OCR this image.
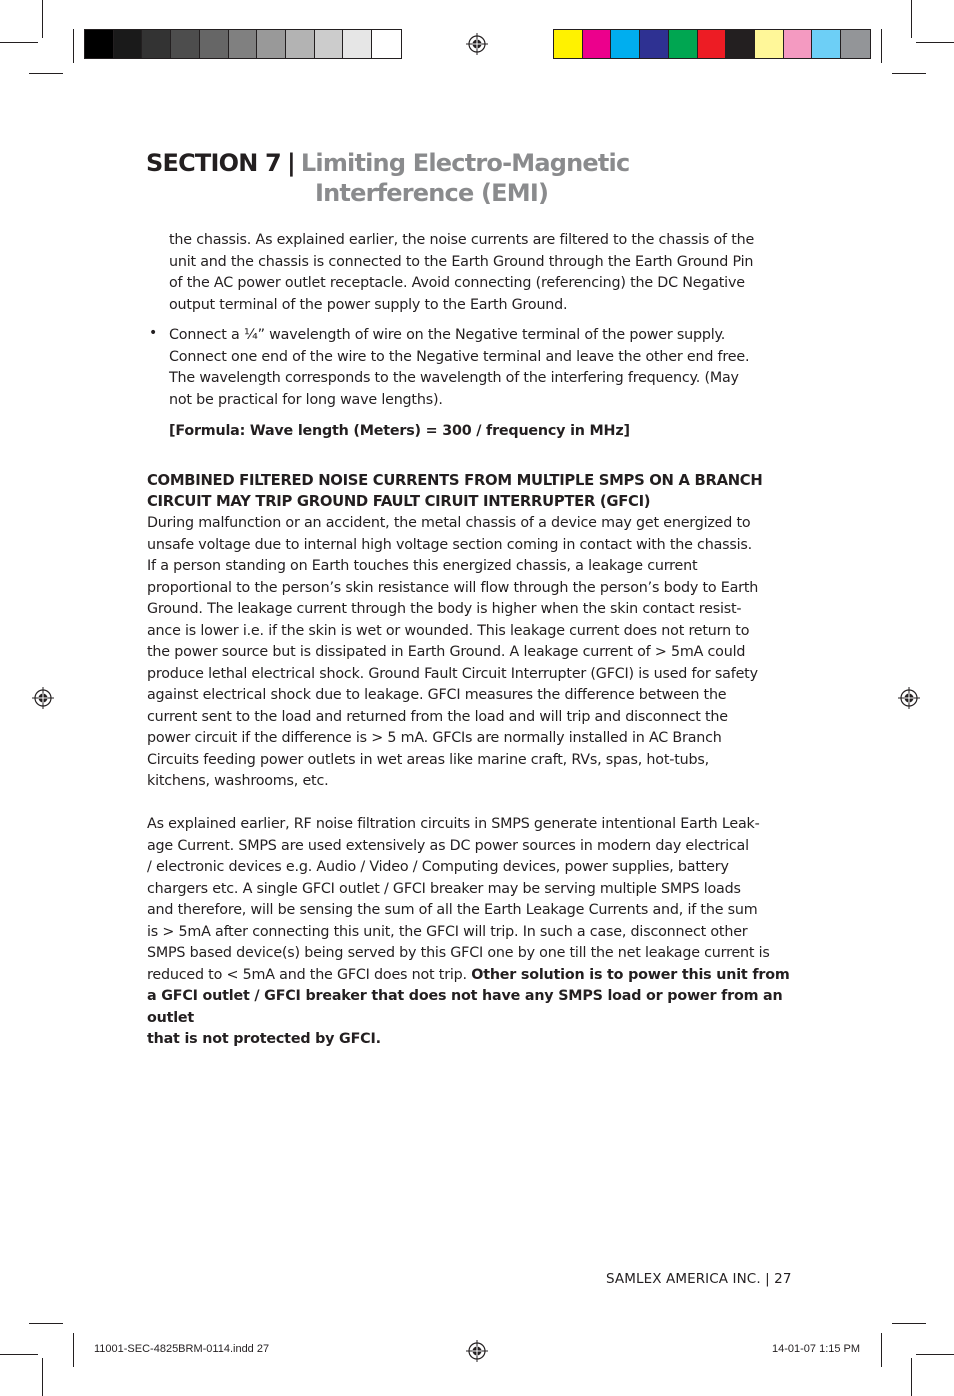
SECTION 7 | Limiting Electro-Magnetic
Interference (EMI)

the chassis. As explained earlier, the noise currents are filtered to the chassis of the

unit and the chassis is connected to the Earth Ground through the Earth Ground Pin

of the AC power outlet receptacle. Avoid connecting (referencing) the DC Negative

output terminal of the power supply to the Earth Ground.

• Connect a ¼” wavelength of wire on the Negative terminal of the power supply.

Connect one end of the wire to the Negative terminal and leave the other end free.

The wavelength corresponds to the wavelength of the interfering frequency. (May

not be practical for long wave lengths).

[Formula: Wave length (Meters) = 300 / frequency in MHz]

COMBINED FILTERED NOISE CURRENTS FROM MULTIPLE SMPS ON A BRANCH

CIRCUIT MAY TRIP GROUND FAULT CIRUIT INTERRUPTER (GFCI)

During malfunction or an accident, the metal chassis of a device may get energized to

unsafe voltage due to internal high voltage section coming in contact with the chassis.

If a person standing on Earth touches this energized chassis, a leakage current

proportional to the person’s skin resistance will flow through the person’s body to Earth

Ground. The leakage current through the body is higher when the skin contact resist-

ance is lower i.e. if the skin is wet or wounded. This leakage current does not return to

the power source but is dissipated in Earth Ground. A leakage current of > 5mA could

produce lethal electrical shock. Ground Fault Circuit Interrupter (GFCI) is used for safety

against electrical shock due to leakage. GFCI measures the difference between the

current sent to the load and returned from the load and will trip and disconnect the

power circuit if the difference is > 5 mA. GFCIs are normally installed in AC Branch

Circuits feeding power outlets in wet areas like marine craft, RVs, spas, hot-tubs,

kitchens, washrooms, etc.

As explained earlier, RF noise filtration circuits in SMPS generate intentional Earth Leak-

age Current. SMPS are used extensively as DC power sources in modern day electrical

/ electronic devices e.g. Audio / Video / Computing devices, power supplies, battery

chargers etc. A single GFCI outlet / GFCI breaker may be serving multiple SMPS loads

and therefore, will be sensing the sum of all the Earth Leakage Currents and, if the sum

is > 5mA after connecting this unit, the GFCI will trip. In such a case, disconnect other

SMPS based device(s) being served by this GFCI one by one till the net leakage current is

reduced to < 5mA and the GFCI does not trip. Other solution is to power this unit from

a GFCI outlet / GFCI breaker that does not have any SMPS load or power from an outlet

that is not protected by GFCI.

SAMLEX AMERICA INC. | 27
11001-SEC-4825BRM-0114.indd 27	14-01-07 1:15 PM
